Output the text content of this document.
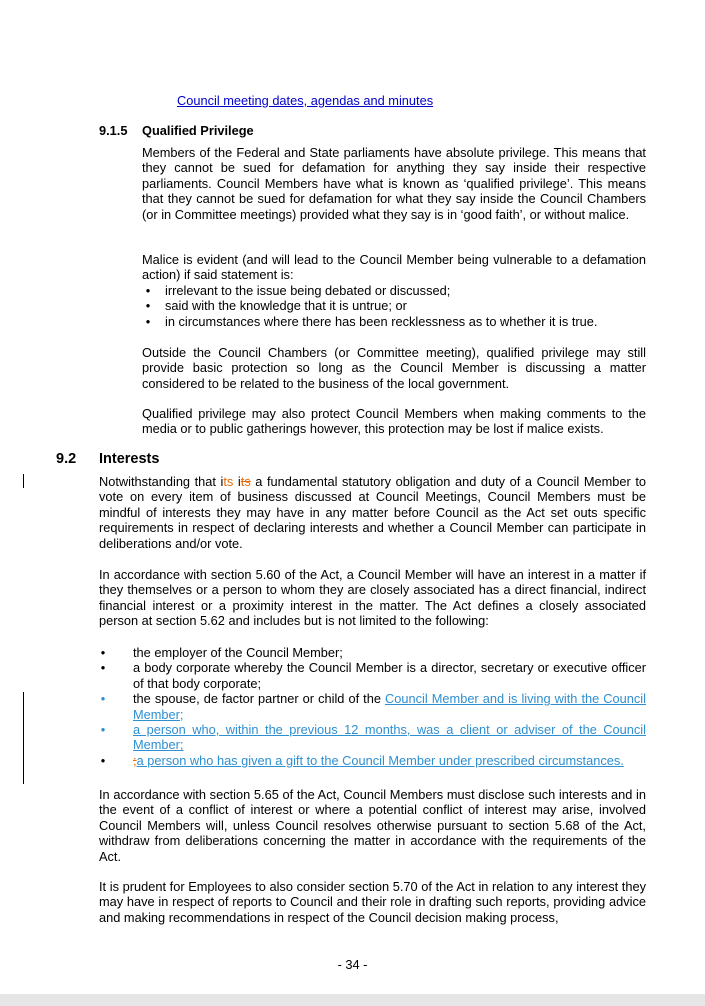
Council meeting dates, agendas and minutes
9.1.5 Qualified Privilege

Members of the Federal and State parliaments have absolute privilege. This means that they cannot be sued for defamation for anything they say inside their respective parliaments. Council Members have what is known as ‘qualified privilege’. This means that they cannot be sued for defamation for what they say inside the Council Chambers (or in Committee meetings) provided what they say is in ‘good faith’, or without malice.

Malice is evident (and will lead to the Council Member being vulnerable to a defamation action) if said statement is:

• irrelevant to the issue being debated or discussed;
• said with the knowledge that it is untrue; or
• in circumstances where there has been recklessness as to whether it is true.

Outside the Council Chambers (or Committee meeting), qualified privilege may still provide basic protection so long as the Council Member is discussing a matter considered to be related to the business of the local government.

Qualified privilege may also protect Council Members when making comments to the media or to public gatherings however, this protection may be lost if malice exists.

9.2 Interests

Notwithstanding that its its a fundamental statutory obligation and duty of a Council Member to vote on every item of business discussed at Council Meetings, Council Members must be mindful of interests they may have in any matter before Council as the Act set outs specific requirements in respect of declaring interests and whether a Council Member can participate in deliberations and/or vote.

In accordance with section 5.60 of the Act, a Council Member will have an interest in a matter if they themselves or a person to whom they are closely associated has a direct financial, indirect financial interest or a proximity interest in the matter. The Act defines a closely associated person at section 5.62 and includes but is not limited to the following:

• the employer of the Council Member;
• a body corporate whereby the Council Member is a director, secretary or executive officer of that body corporate;
• the spouse, de factor partner or child of the Council Member and is living with the Council Member;
• a person who, within the previous 12 months, was a client or adviser of the Council Member;
• ;a person who has given a gift to the Council Member under prescribed circumstances.

In accordance with section 5.65 of the Act, Council Members must disclose such interests and in the event of a conflict of interest or where a potential conflict of interest may arise, involved Council Members will, unless Council resolves otherwise pursuant to section 5.68 of the Act, withdraw from deliberations concerning the matter in accordance with the requirements of the Act.

It is prudent for Employees to also consider section 5.70 of the Act in relation to any interest they may have in respect of reports to Council and their role in drafting such reports, providing advice and making recommendations in respect of the Council decision making process,

- 34 -
